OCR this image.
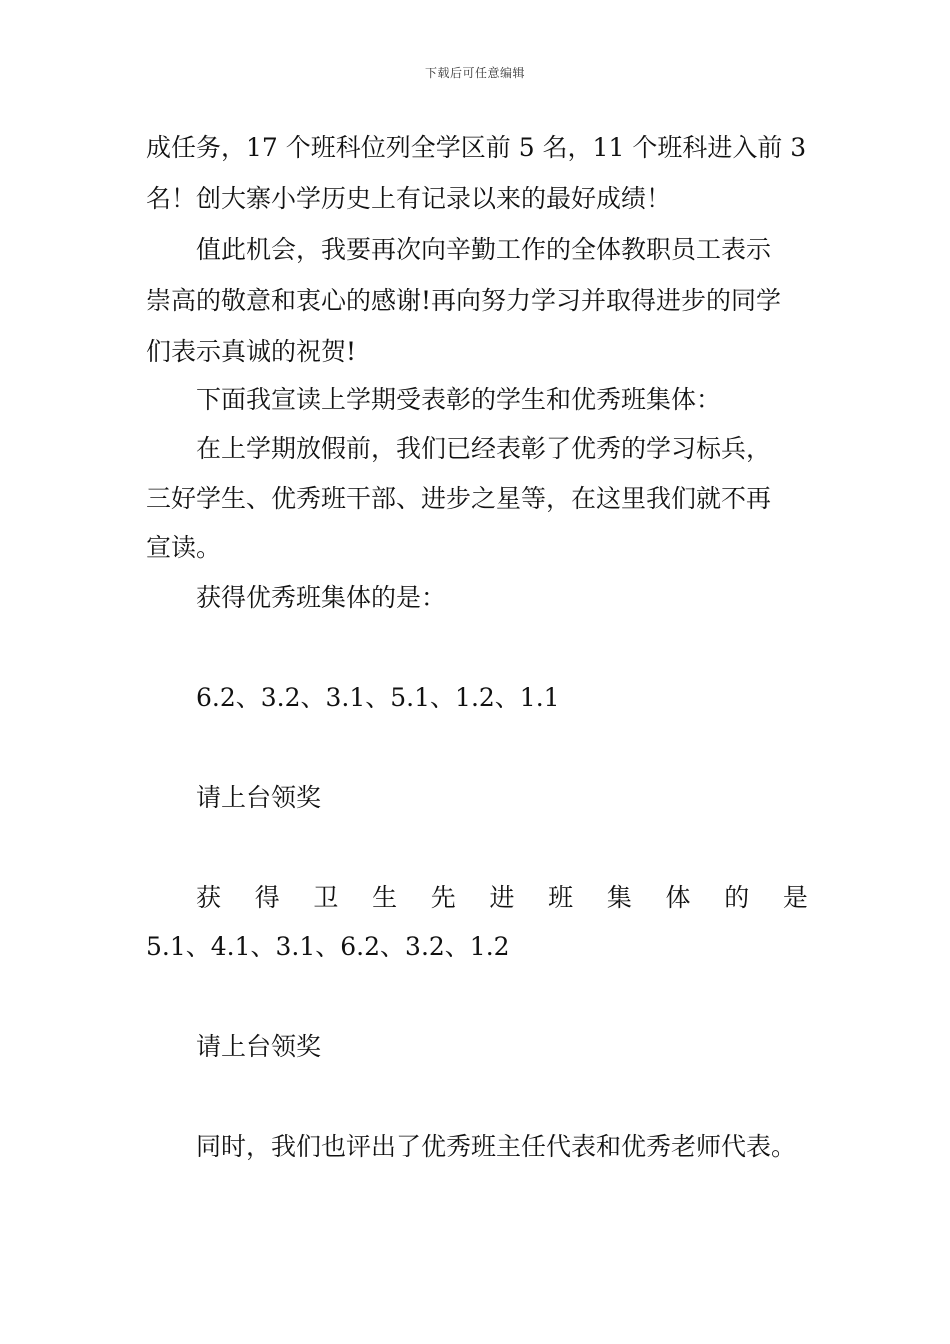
下载后可任意编辑
成任务，17 个班科位列全学区前 5 名，11 个班科进入前 3
名！创大寨小学历史上有记录以来的最好成绩！
值此机会，我要再次向辛勤工作的全体教职员工表示
崇高的敬意和衷心的感谢!再向努力学习并取得进步的同学
们表示真诚的祝贺!
下面我宣读上学期受表彰的学生和优秀班集体：
在上学期放假前，我们已经表彰了优秀的学习标兵，
三好学生、优秀班干部、进步之星等，在这里我们就不再
宣读。
获得优秀班集体的是：
6.2、3.2、3.1、5.1、1.2、1.1
请上台领奖
获 得 卫 生 先 进 班 集 体 的 是
5.1、4.1、3.1、6.2、3.2、1.2
请上台领奖
同时，我们也评出了优秀班主任代表和优秀老师代表。
